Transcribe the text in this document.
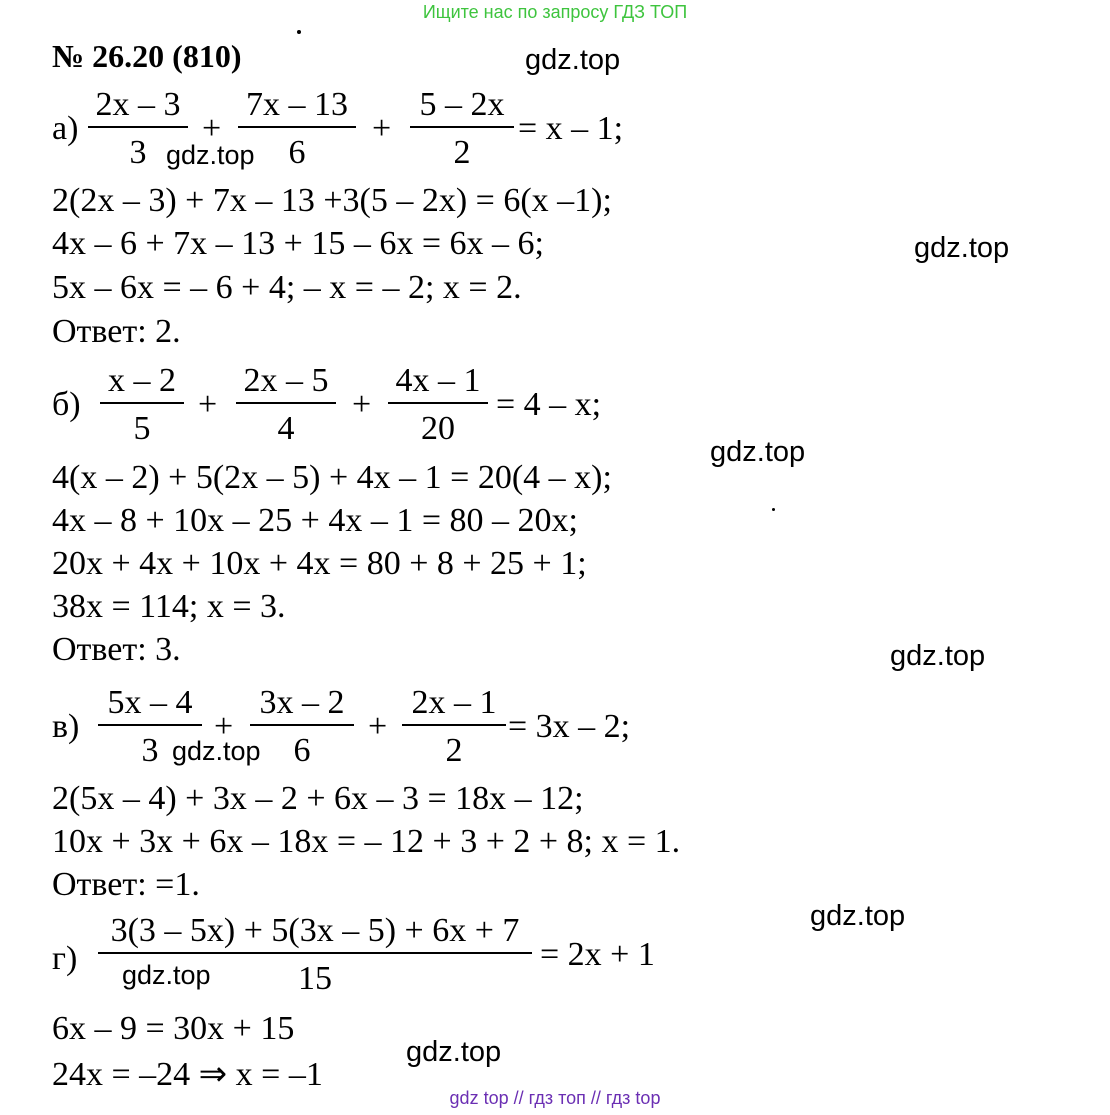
Ищите нас по запросу ГДЗ ТОП
№ 26.20 (810)
а)
2x – 3
3
+
7x – 13
6
+
5 – 2x
2
= x – 1;
2(2x – 3) + 7x – 13 +3(5 – 2x) = 6(x –1);
4x – 6 + 7x – 13 + 15 – 6x = 6x – 6;
5x – 6x = – 6 + 4; – x = – 2; x = 2.
Ответ: 2.
б)
x – 2
5
+
2x – 5
4
+
4x – 1
20
= 4 – x;
4(x – 2) + 5(2x – 5) + 4x – 1 = 20(4 – x);
4x – 8 + 10x – 25 + 4x – 1 = 80 – 20x;
20x + 4x + 10x + 4x = 80 + 8 + 25 + 1;
38x = 114; x = 3.
Ответ: 3.
в)
5x – 4
3
+
3x – 2
6
+
2x – 1
2
= 3x – 2;
2(5x – 4) + 3x – 2 + 6x – 3 = 18x – 12;
10x + 3x + 6x – 18x = – 12 + 3 + 2 + 8; x = 1.
Ответ: =1.
г)
3(3 – 5x) + 5(3x – 5) + 6x + 7
15
= 2x + 1
6x – 9 = 30x + 15
24x = –24 ⇒ x = –1
gdz.top
gdz.top
gdz.top
gdz.top
gdz.top
gdz.top
gdz.top
gdz.top
gdz.top
gdz top // гдз топ // гдз top
